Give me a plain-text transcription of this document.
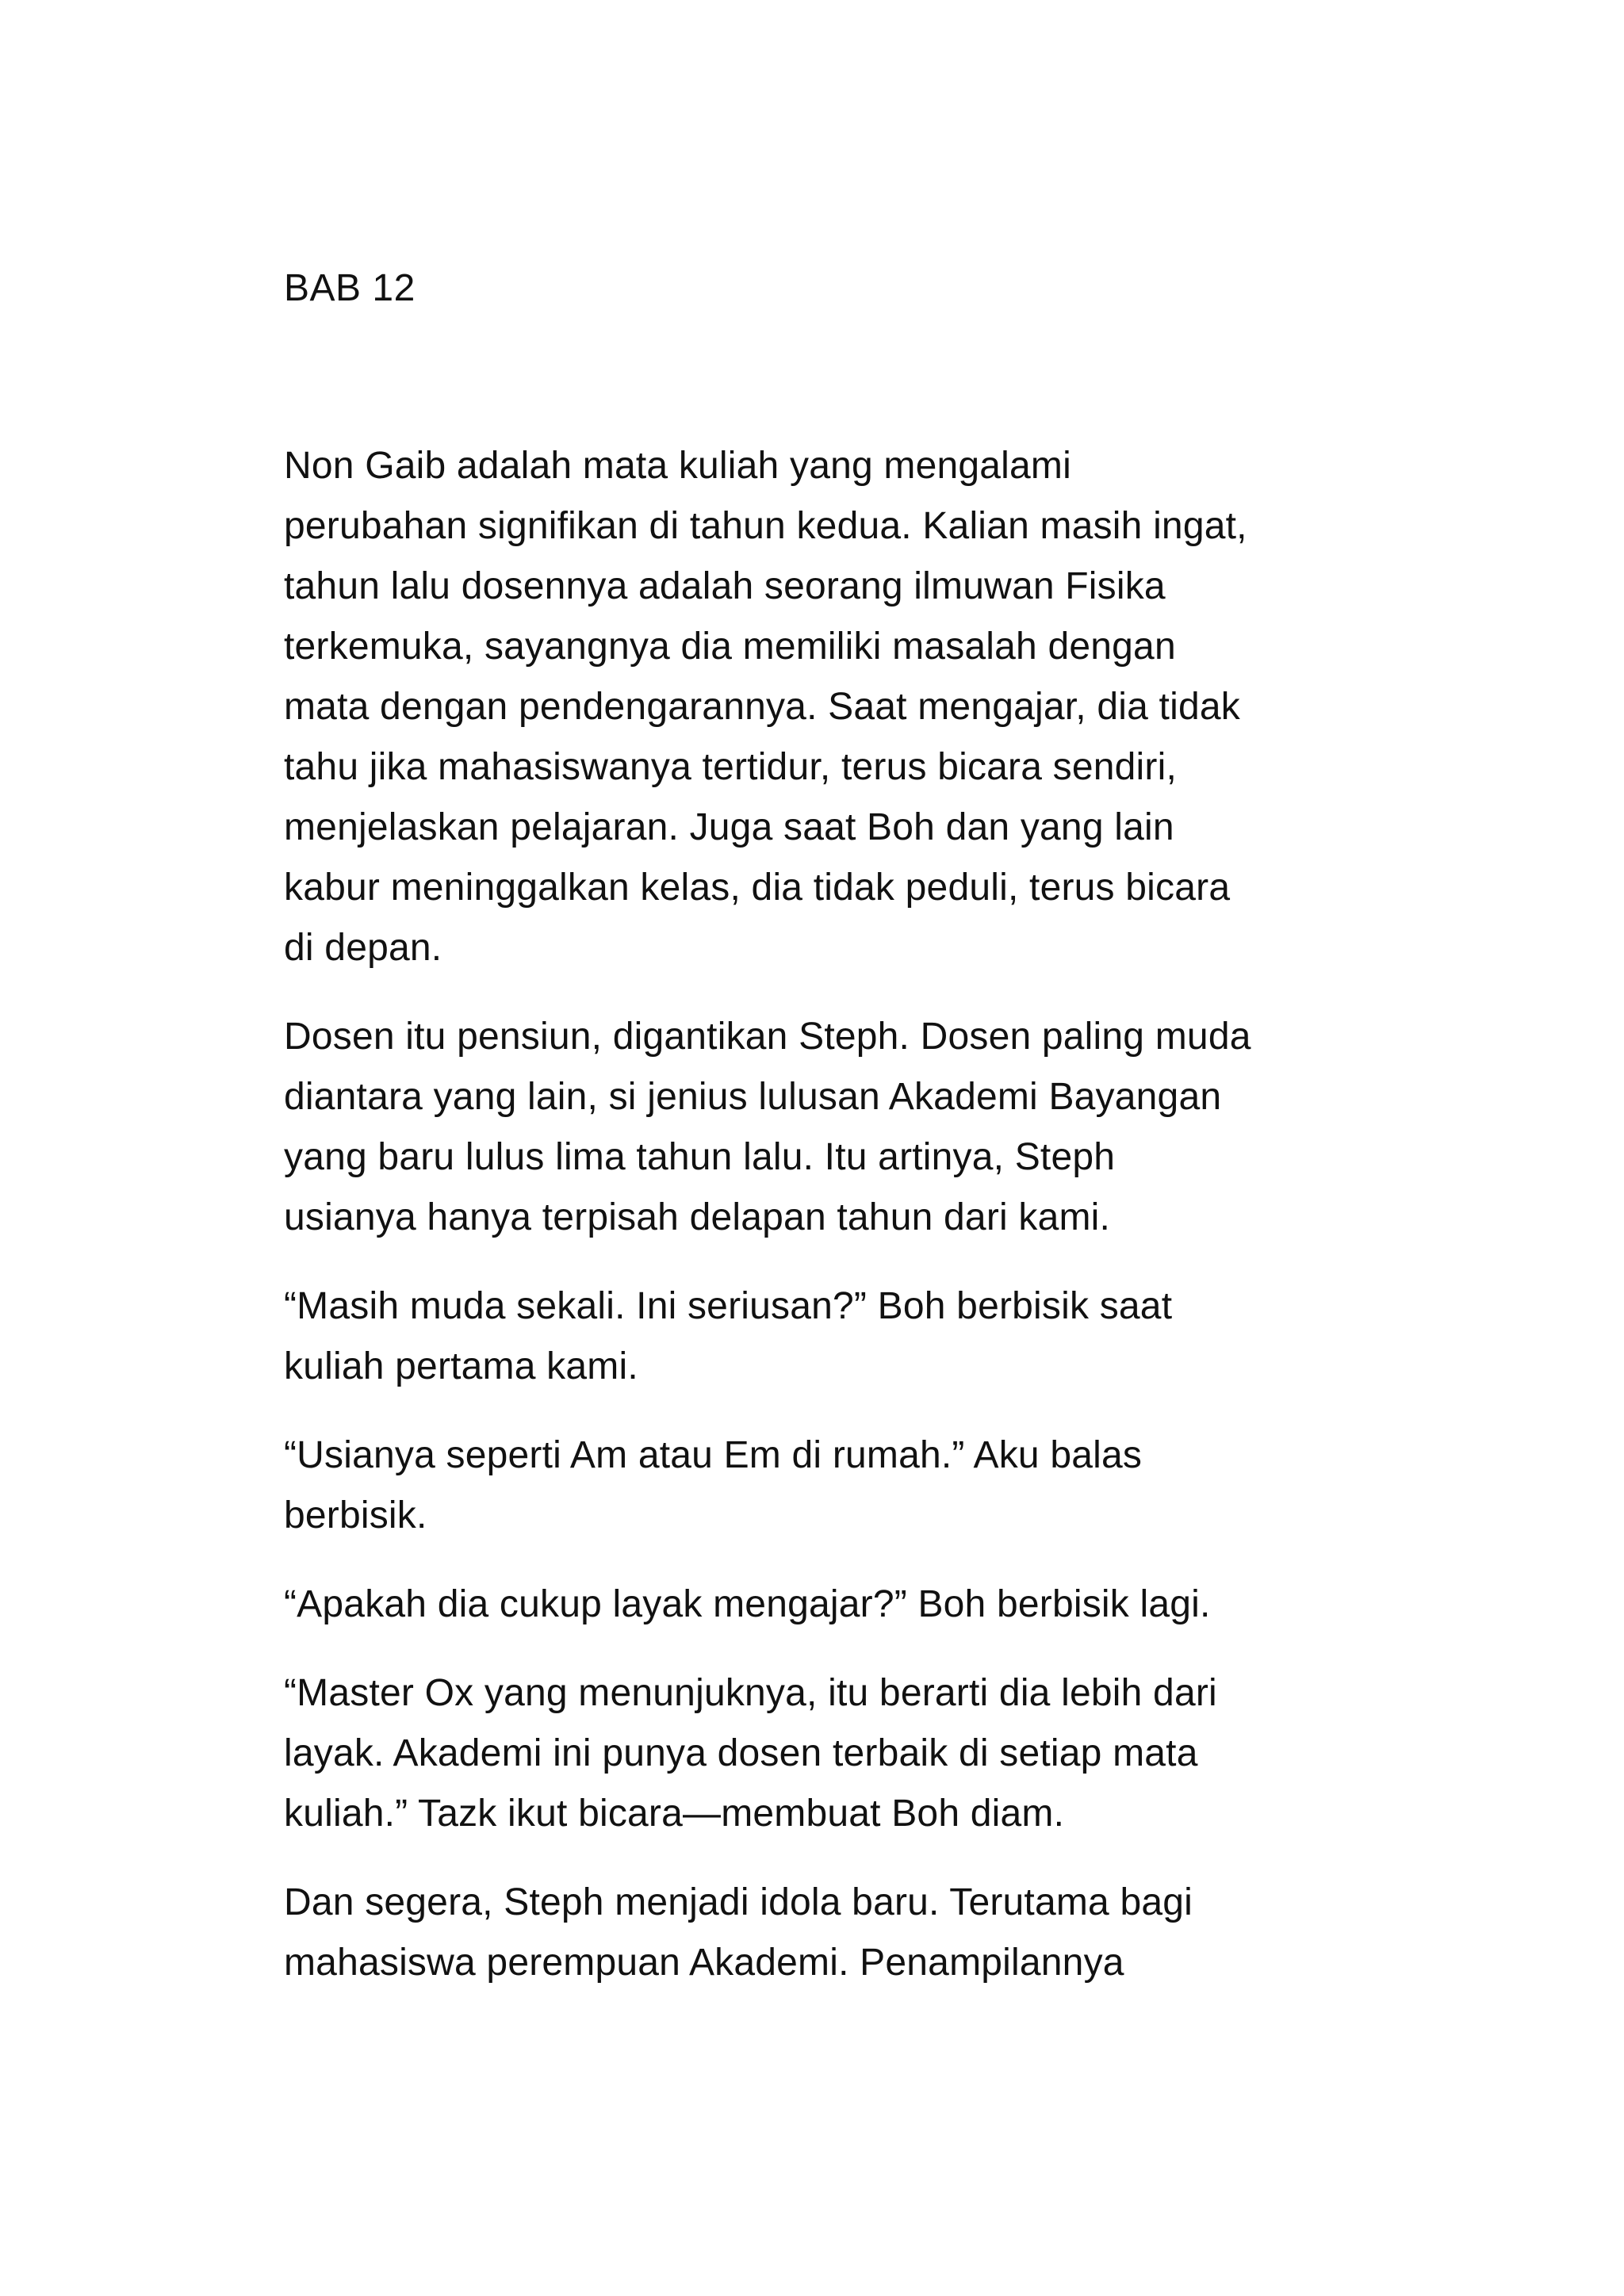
BAB 12
Non Gaib adalah mata kuliah yang mengalami
perubahan signifikan di tahun kedua. Kalian masih ingat,
tahun lalu dosennya adalah seorang ilmuwan Fisika
terkemuka, sayangnya dia memiliki masalah dengan
mata dengan pendengarannya. Saat mengajar, dia tidak
tahu jika mahasiswanya tertidur, terus bicara sendiri,
menjelaskan pelajaran. Juga saat Boh dan yang lain
kabur meninggalkan kelas, dia tidak peduli, terus bicara
di depan.
Dosen itu pensiun, digantikan Steph. Dosen paling muda
diantara yang lain, si jenius lulusan Akademi Bayangan
yang baru lulus lima tahun lalu. Itu artinya, Steph
usianya hanya terpisah delapan tahun dari kami.
“Masih muda sekali. Ini seriusan?” Boh berbisik saat
kuliah pertama kami.
“Usianya seperti Am atau Em di rumah.” Aku balas
berbisik.
“Apakah dia cukup layak mengajar?” Boh berbisik lagi.
“Master Ox yang menunjuknya, itu berarti dia lebih dari
layak. Akademi ini punya dosen terbaik di setiap mata
kuliah.” Tazk ikut bicara—membuat Boh diam.
Dan segera, Steph menjadi idola baru. Terutama bagi
mahasiswa perempuan Akademi. Penampilannya
